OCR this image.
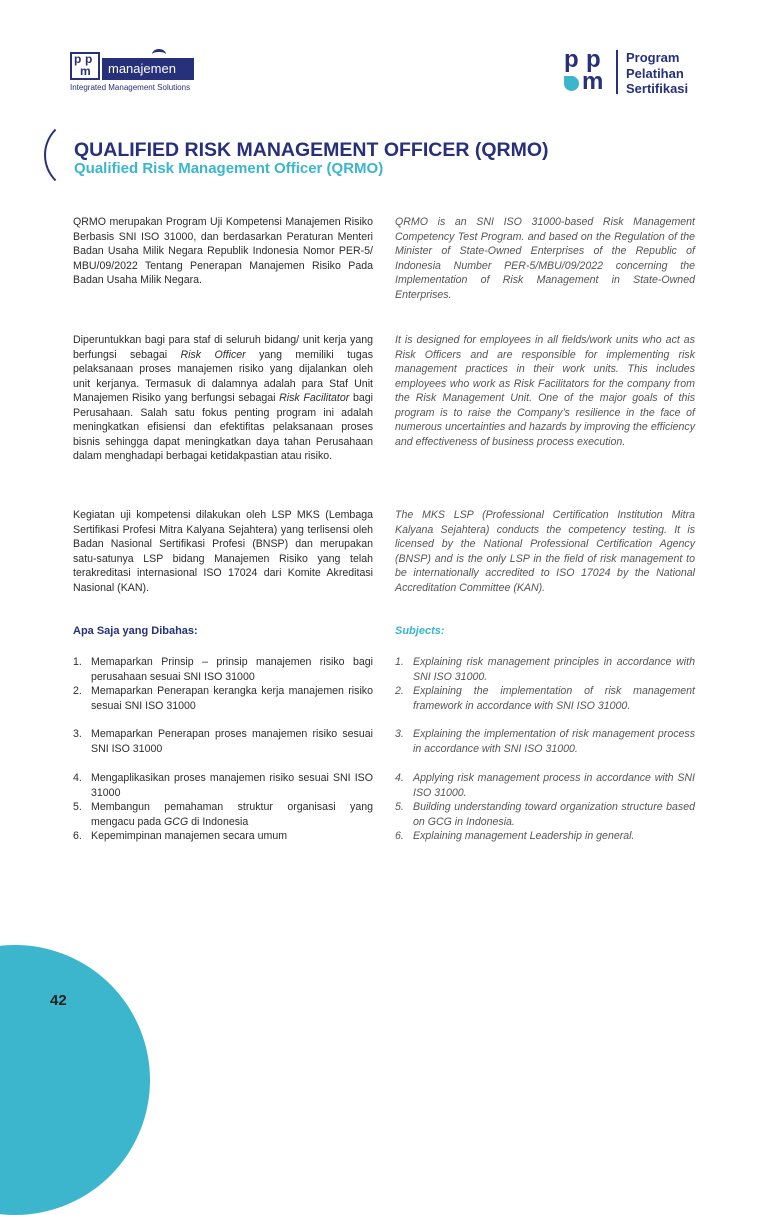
p p
m	manajemen
Integrated Management Solutions
p p
m
Program
Pelatihan
Sertifikasi
QUALIFIED RISK MANAGEMENT OFFICER (QRMO)
Qualified Risk Management Officer (QRMO)

QRMO merupakan Program Uji Kompetensi Manajemen Risiko Berbasis SNI ISO 31000, dan berdasarkan Peraturan Menteri Badan Usaha Milik Negara Republik Indonesia Nomor PER-5/ MBU/09/2022 Tentang Penerapan Manajemen Risiko Pada Badan Usaha Milik Negara.

QRMO is an SNI ISO 31000-based Risk Management Competency Test Program. and based on the Regulation of the Minister of State-Owned Enterprises of the Republic of Indonesia Number PER-5/MBU/09/2022 concerning the Implementation of Risk Management in State-Owned Enterprises.

Diperuntukkan bagi para staf di seluruh bidang/ unit kerja yang berfungsi sebagai Risk Officer yang memiliki tugas pelaksanaan proses manajemen risiko yang dijalankan oleh unit kerjanya. Termasuk di dalamnya adalah para Staf Unit Manajemen Risiko yang berfungsi sebagai Risk Facilitator bagi Perusahaan. Salah satu fokus penting program ini adalah meningkatkan efisiensi dan efektifitas pelaksanaan proses bisnis sehingga dapat meningkatkan daya tahan Perusahaan dalam menghadapi berbagai ketidakpastian atau risiko.

It is designed for employees in all fields/work units who act as Risk Officers and are responsible for implementing risk management practices in their work units. This includes employees who work as Risk Facilitators for the company from the Risk Management Unit. One of the major goals of this program is to raise the Company’s resilience in the face of numerous uncertainties and hazards by improving the efficiency and effectiveness of business process execution.

Kegiatan uji kompetensi dilakukan oleh LSP MKS (Lembaga Sertifikasi Profesi Mitra Kalyana Sejahtera) yang terlisensi oleh Badan Nasional Sertifikasi Profesi (BNSP) dan merupakan satu-satunya LSP bidang Manajemen Risiko yang telah terakreditasi internasional ISO 17024 dari Komite Akreditasi Nasional (KAN).

The MKS LSP (Professional Certification Institution Mitra Kalyana Sejahtera) conducts the competency testing. It is licensed by the National Professional Certification Agency (BNSP) and is the only LSP in the field of risk management to be internationally accredited to ISO 17024 by the National Accreditation Committee (KAN).

Apa Saja yang Dibahas:	Subjects:
1. Memaparkan Prinsip – prinsip manajemen risiko bagi perusahaan sesuai SNI ISO 31000
2. Memaparkan Penerapan kerangka kerja manajemen risiko sesuai SNI ISO 31000
3. Memaparkan Penerapan proses manajemen risiko sesuai SNI ISO 31000
4. Mengaplikasikan proses manajemen risiko sesuai SNI ISO 31000
5. Membangun pemahaman struktur organisasi yang mengacu pada GCG di Indonesia
6. Kepemimpinan manajemen secara umum
1. Explaining risk management principles in accordance with SNI ISO 31000.
2. Explaining the implementation of risk management framework in accordance with SNI ISO 31000.
3. Explaining the implementation of risk management process in accordance with SNI ISO 31000.
4. Applying risk management process in accordance with SNI ISO 31000.
5. Building understanding toward organization structure based on GCG in Indonesia.
6. Explaining management Leadership in general.
42
